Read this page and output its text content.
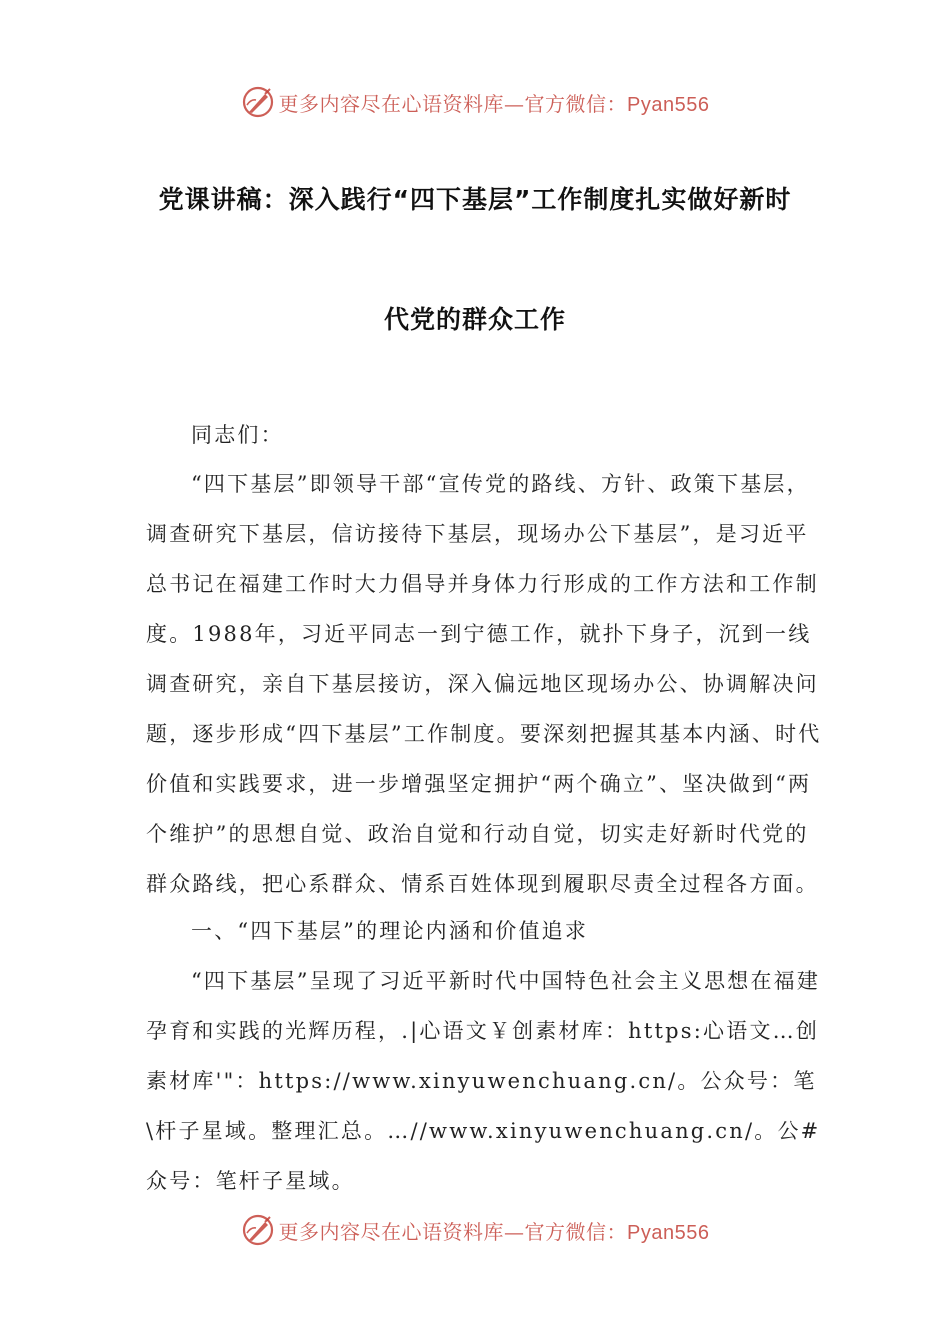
更多内容尽在心语资料库—官方微信：Pyan556
党课讲稿：深入践行“四下基层”工作制度扎实做好新时
代党的群众工作

同志们：

“四下基层”即领导干部“宣传党的路线、方针、政策下基层，调查研究下基层，信访接待下基层，现场办公下基层”，是习近平总书记在福建工作时大力倡导并身体力行形成的工作方法和工作制度。1988年，习近平同志一到宁德工作，就扑下身子，沉到一线调查研究，亲自下基层接访，深入偏远地区现场办公、协调解决问题，逐步形成“四下基层”工作制度。要深刻把握其基本内涵、时代价值和实践要求，进一步增强坚定拥护“两个确立”、坚决做到“两个维护”的思想自觉、政治自觉和行动自觉，切实走好新时代党的群众路线，把心系群众、情系百姓体现到履职尽责全过程各方面。

一、“四下基层”的理论内涵和价值追求

“四下基层”呈现了习近平新时代中国特色社会主义思想在福建孕育和实践的光辉历程，.|心语文￥创素材库：https:心语文…创素材库'"：https://www.xinyuwenchuang.cn/。公众号：笔\杆子星域。整理汇总。…//www.xinyuwenchuang.cn/。公#众号：笔杆子星域。

更多内容尽在心语资料库—官方微信：Pyan556
